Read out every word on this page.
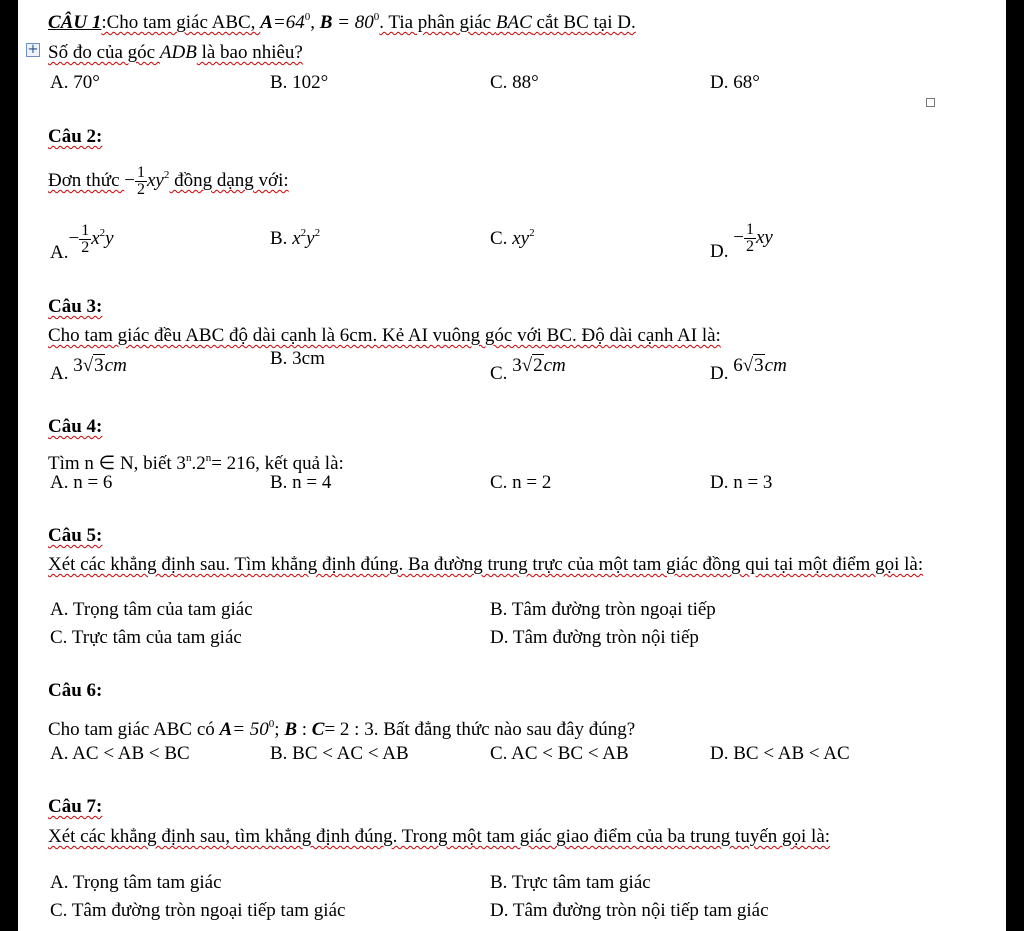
+
CÂU 1:Cho tam giác ABC, $A=64^0$, $B = 80^0$. Tia phân giác BAC cắt BC tại D.
Số đo của góc ADB là bao nhiêu?
A. 70°	B. 102°	C. 88°	D. 68°
Câu 2:
Đơn thức − $\frac{1}{2} xy^2$ đồng dạng với:
$A.- \frac{1}{2} x^2y$	B. $x^2y^2$	C. $xy^2$
D. − $\frac{1}{2}$ xy
Câu 3:
Cho tam giác đều ABC độ dài cạnh là 6cm. Kẻ AI vuông góc với BC. Độ dài cạnh AI là:
A. 3√3cm	B. 3cm
C. 3√2cm	D. 6√3cm
Câu 4:
Tìm n ∈ N, biết $3^n.2^n= 216$, kết quả là:
A. n = 6	B. n = 4	C. n = 2	D. n = 3
Câu 5:
Xét các khẳng định sau. Tìm khẳng định đúng. Ba đường trung trực của một tam giác đồng qui tại một điểm gọi là:
A. Trọng tâm của tam giác	B. Tâm đường tròn ngoại tiếp
C. Trực tâm của tam giác	D. Tâm đường tròn nội tiếp
Câu 6:
Cho tam giác ABC có $A= 50^0$; B : C= 2 : 3. Bất đẳng thức nào sau đây đúng?
A. AC < AB < BC	B. BC < AC < AB	C. AC < BC < AB	D. BC < AB < AC
Câu 7:
Xét các khẳng định sau, tìm khẳng định đúng. Trong một tam giác giao điểm của ba trung tuyến gọi là:
A. Trọng tâm tam giác	B. Trực tâm tam giác
C. Tâm đường tròn ngoại tiếp tam giác	D. Tâm đường tròn nội tiếp tam giác
